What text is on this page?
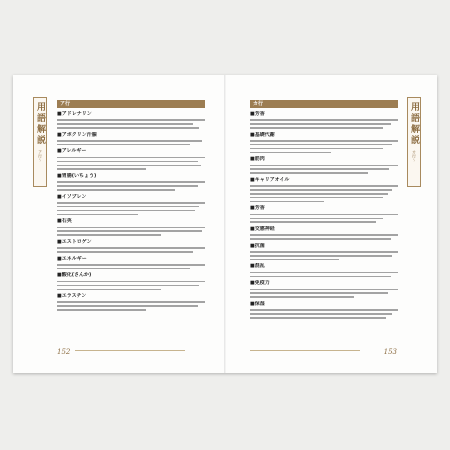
用語解説
ア行〜
ア行
■アドレナリン
■アポクリン汗腺
■アレルギー
■胃腸(いちょう)
■イソプレン
■石英
■エストロゲン
■エネルギー
■酸化(さんか)
■エラスチン
152
カ行
■芳香
■基礎代謝
■筋肉
■キャリアオイル
■芳香
■交感神経
■抗菌
■混乱
■免疫力
■保湿
用語解説
カ行〜
153
